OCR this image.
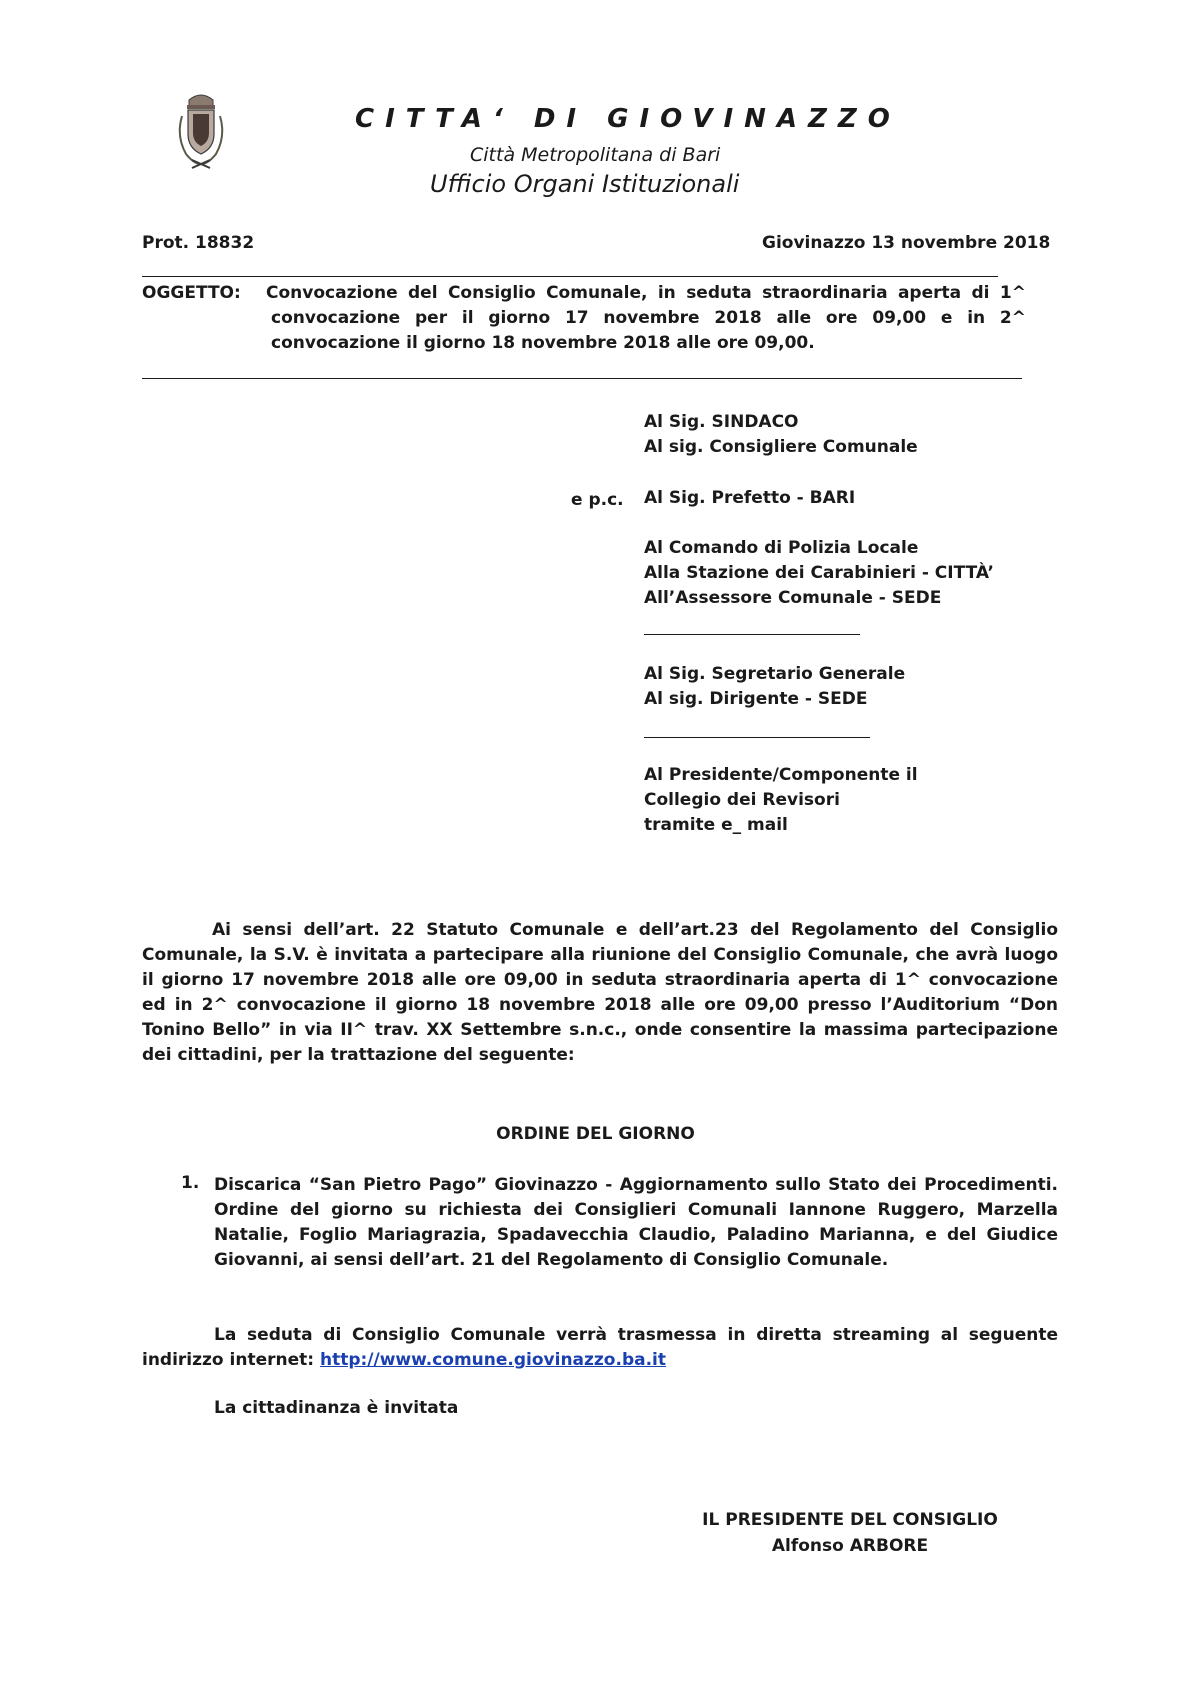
CITTA‘ DI GIOVINAZZO
Città Metropolitana di Bari
Ufficio Organi Istituzionali
Prot. 18832	Giovinazzo 13 novembre 2018
OGGETTO: Convocazione del Consiglio Comunale, in seduta straordinaria aperta di 1^
convocazione per il giorno 17 novembre 2018 alle ore 09,00 e in 2^
convocazione il giorno 18 novembre 2018 alle ore 09,00.
Al Sig. SINDACO
Al sig. Consigliere Comunale
e p.c. Al Sig. Prefetto - BARI
Al Comando di Polizia Locale
Alla Stazione dei Carabinieri - CITTÀ’
All’Assessore Comunale - SEDE
Al Sig. Segretario Generale
Al sig. Dirigente - SEDE
Al Presidente/Componente il
Collegio dei Revisori
tramite e_ mail
Ai sensi dell’art. 22 Statuto Comunale e dell’art.23 del Regolamento del Consiglio Comunale, la S.V. è invitata a partecipare alla riunione del Consiglio Comunale, che avrà luogo il giorno 17 novembre 2018 alle ore 09,00 in seduta straordinaria aperta di 1^ convocazione ed in 2^ convocazione il giorno 18 novembre 2018 alle ore 09,00 presso l’Auditorium “Don Tonino Bello” in via II^ trav. XX Settembre s.n.c., onde consentire la massima partecipazione dei cittadini, per la trattazione del seguente:
ORDINE DEL GIORNO
1. Discarica “San Pietro Pago” Giovinazzo - Aggiornamento sullo Stato dei Procedimenti. Ordine del giorno su richiesta dei Consiglieri Comunali Iannone Ruggero, Marzella Natalie, Foglio Mariagrazia, Spadavecchia Claudio, Paladino Marianna, e del Giudice Giovanni, ai sensi dell’art. 21 del Regolamento di Consiglio Comunale.
La seduta di Consiglio Comunale verrà trasmessa in diretta streaming al seguente indirizzo internet: http://www.comune.giovinazzo.ba.it
La cittadinanza è invitata
IL PRESIDENTE DEL CONSIGLIO
Alfonso ARBORE
